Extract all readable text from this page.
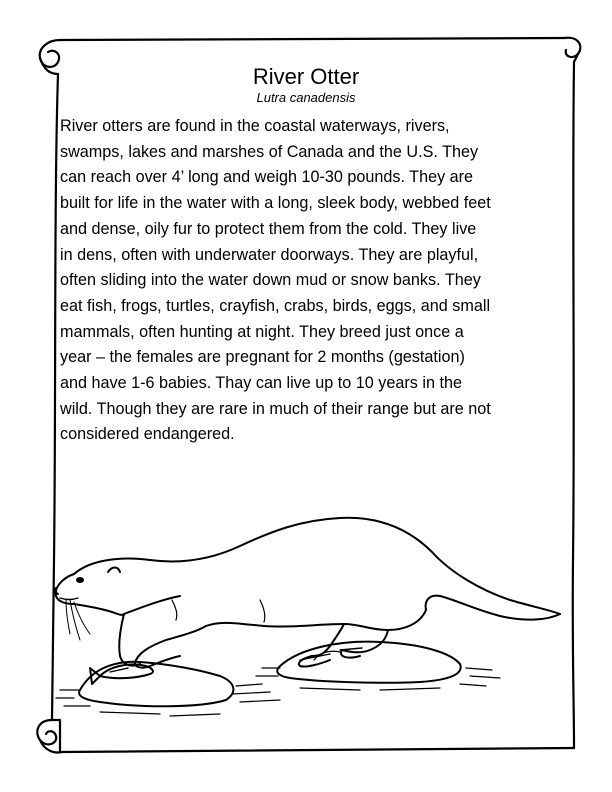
River Otter
Lutra canadensis

River otters are found in the coastal waterways, rivers,
swamps, lakes and marshes of Canada and the U.S. They
can reach over 4’ long and weigh 10-30 pounds. They are
built for life in the water with a long, sleek body, webbed feet
and dense, oily fur to protect them from the cold. They live
in dens, often with underwater doorways. They are playful,
often sliding into the water down mud or snow banks. They
eat fish, frogs, turtles, crayfish, crabs, birds, eggs, and small
mammals, often hunting at night. They breed just once a
year – the females are pregnant for 2 months (gestation)
and have 1-6 babies. Thay can live up to 10 years in the
wild. Though they are rare in much of their range but are not
considered endangered.
